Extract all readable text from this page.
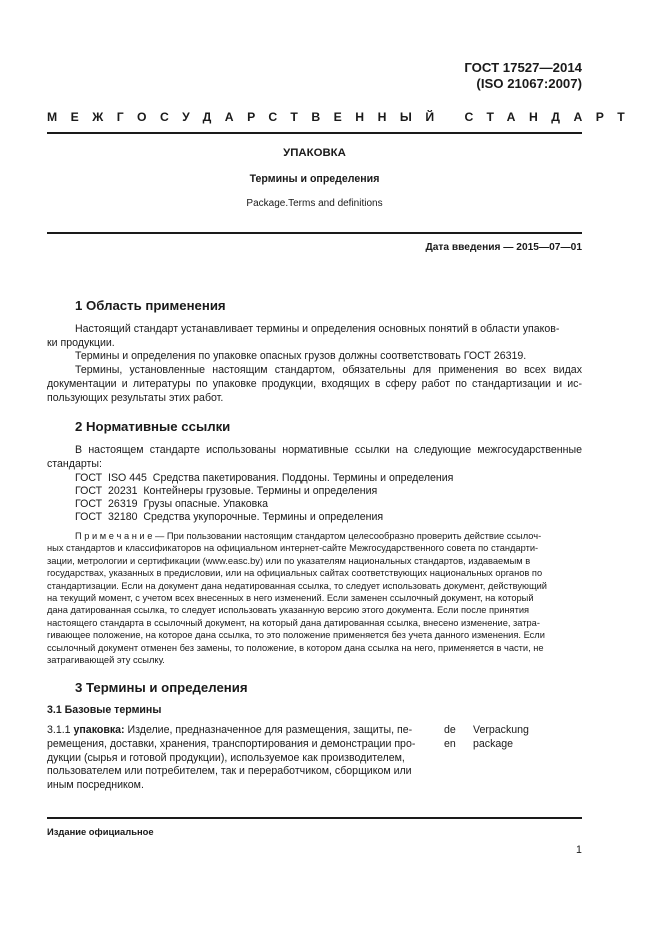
ГОСТ 17527—2014
(ISO 21067:2007)
МЕЖГОСУДАРСТВЕННЫЙ СТАНДАРТ
УПАКОВКА
Термины и определения
Package.Terms and definitions
Дата введения — 2015—07—01
1 Область применения
Настоящий стандарт устанавливает термины и определения основных понятий в области упаков-
ки продукции.
Термины и определения по упаковке опасных грузов должны соответствовать ГОСТ 26319.
Термины, установленные настоящим стандартом, обязательны для применения во всех видах
документации и литературы по упаковке продукции, входящих в сферу работ по стандартизации и ис-
пользующих результаты этих работ.
2 Нормативные ссылки
В настоящем стандарте использованы нормативные ссылки на следующие межгосударственные
стандарты:
ГОСТ  ISO 445  Средства пакетирования. Поддоны. Термины и определения
ГОСТ  20231  Контейнеры грузовые. Термины и определения
ГОСТ  26319  Грузы опасные. Упаковка
ГОСТ  32180  Средства укупорочные. Термины и определения
П р и м е ч а н и е — При пользовании настоящим стандартом целесообразно проверить действие ссылоч-
ных стандартов и классификаторов на официальном интернет-сайте Межгосударственного совета по стандарти-
зации, метрологии и сертификации (www.easc.by) или по указателям национальных стандартов, издаваемым в
государствах, указанных в предисловии, или на официальных сайтах соответствующих национальных органов по
стандартизации. Если на документ дана недатированная ссылка, то следует использовать документ, действующий
на текущий момент, с учетом всех внесенных в него изменений. Если заменен ссылочный документ, на который
дана датированная ссылка, то следует использовать указанную версию этого документа. Если после принятия
настоящего стандарта в ссылочный документ, на который дана датированная ссылка, внесено изменение, затра-
гивающее положение, на которое дана ссылка, то это положение применяется без учета данного изменения. Если
ссылочный документ отменен без замены, то положение, в котором дана ссылка на него, применяется в части, не
затрагивающей эту ссылку.
3 Термины и определения
3.1 Базовые термины
3.1.1 упаковка: Изделие, предназначенное для размещения, защиты, пе-
ремещения, доставки, хранения, транспортирования и демонстрации про-
дукции (сырья и готовой продукции), используемое как производителем,
пользователем или потребителем, так и переработчиком, сборщиком или
иным посредником.
de
en
Verpackung
package
Издание официальное
1
